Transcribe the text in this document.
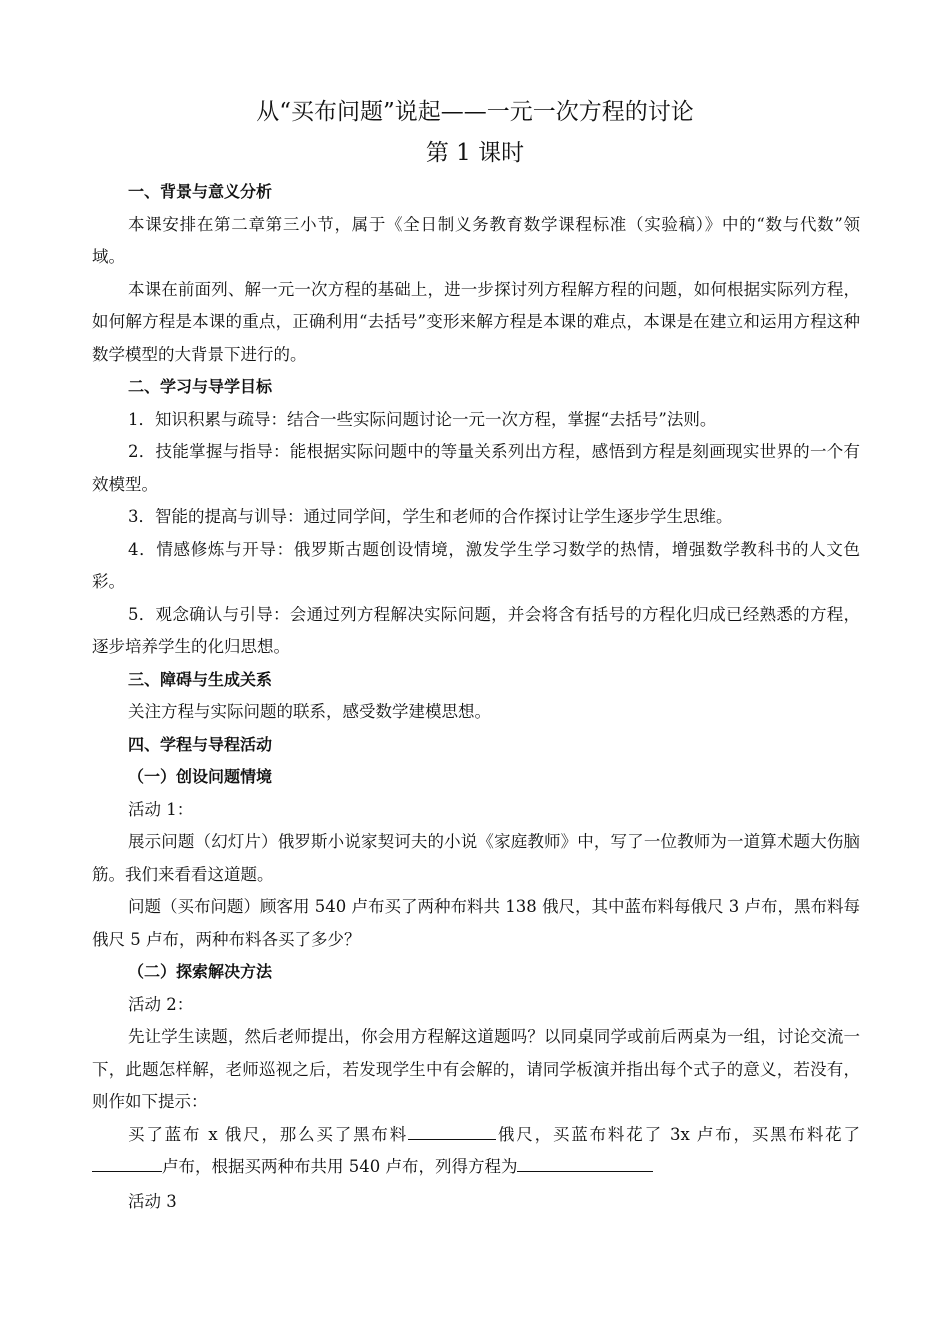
从“买布问题”说起——一元一次方程的讨论
第 1 课时

一、背景与意义分析

本课安排在第二章第三小节，属于《全日制义务教育数学课程标准（实验稿）》中的“数与代数”领域。

本课在前面列、解一元一次方程的基础上，进一步探讨列方程解方程的问题，如何根据实际列方程，如何解方程是本课的重点，正确利用“去括号”变形来解方程是本课的难点，本课是在建立和运用方程这种数学模型的大背景下进行的。

二、学习与导学目标

1．知识积累与疏导：结合一些实际问题讨论一元一次方程，掌握“去括号”法则。

2．技能掌握与指导：能根据实际问题中的等量关系列出方程，感悟到方程是刻画现实世界的一个有效模型。

3．智能的提高与训导：通过同学间，学生和老师的合作探讨让学生逐步学生思维。

4．情感修炼与开导：俄罗斯古题创设情境，激发学生学习数学的热情，增强数学教科书的人文色彩。

5．观念确认与引导：会通过列方程解决实际问题，并会将含有括号的方程化归成已经熟悉的方程，逐步培养学生的化归思想。

三、障碍与生成关系

关注方程与实际问题的联系，感受数学建模思想。

四、学程与导程活动

（一）创设问题情境

活动 1：

展示问题（幻灯片）俄罗斯小说家契诃夫的小说《家庭教师》中，写了一位教师为一道算术题大伤脑筋。我们来看看这道题。

问题（买布问题）顾客用 540 卢布买了两种布料共 138 俄尺，其中蓝布料每俄尺 3 卢布，黑布料每俄尺 5 卢布，两种布料各买了多少？

（二）探索解决方法

活动 2：

先让学生读题，然后老师提出，你会用方程解这道题吗？以同桌同学或前后两桌为一组，讨论交流一下，此题怎样解，老师巡视之后，若发现学生中有会解的，请同学板演并指出每个式子的意义，若没有，则作如下提示：

买了蓝布 x 俄尺，那么买了黑布料	俄尺，买蓝布料花了 3x 卢布，买黑布料花了卢布，根据买两种布共用 540 卢布，列得方程为

活动 3
